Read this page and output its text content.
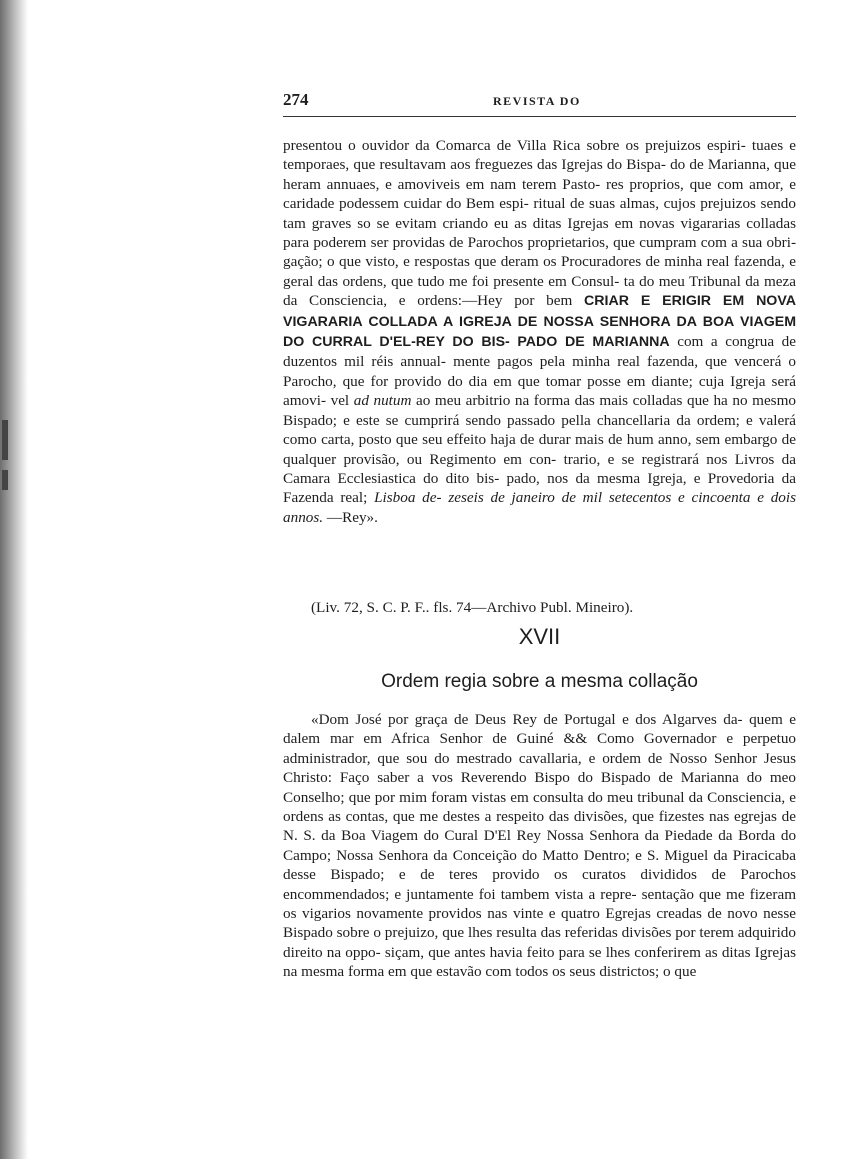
274	REVISTA DO

presentou o ouvidor da Comarca de Villa Rica sobre os prejuizos espiri- tuaes e temporaes, que resultavam aos freguezes das Igrejas do Bispa- do de Marianna, que heram annuaes, e amoviveis em nam terem Pasto- res proprios, que com amor, e caridade podessem cuidar do Bem espi- ritual de suas almas, cujos prejuizos sendo tam graves so se evitam criando eu as ditas Igrejas em novas vigararias colladas para poderem ser providas de Parochos proprietarios, que cumpram com a sua obri- gação; o que visto, e respostas que deram os Procuradores de minha real fazenda, e geral das ordens, que tudo me foi presente em Consul- ta do meu Tribunal da meza da Consciencia, e ordens:—Hey por bem CRIAR E ERIGIR EM NOVA VIGARARIA COLLADA A IGREJA DE NOSSA SENHORA DA BOA VIAGEM DO CURRAL D'EL-REY DO BIS- PADO DE MARIANNA com a congrua de duzentos mil réis annual- mente pagos pela minha real fazenda, que vencerá o Parocho, que for provido do dia em que tomar posse em diante; cuja Igreja será amovi- vel ad nutum ao meu arbitrio na forma das mais colladas que ha no mesmo Bispado; e este se cumprirá sendo passado pella chancellaria da ordem; e valerá como carta, posto que seu effeito haja de durar mais de hum anno, sem embargo de qualquer provisão, ou Regimento em con- trario, e se registrará nos Livros da Camara Ecclesiastica do dito bis- pado, nos da mesma Igreja, e Provedoria da Fazenda real; Lisboa de- zeseis de janeiro de mil setecentos e cincoenta e dois annos. —Rey».

(Liv. 72, S. C. P. F.. fls. 74—Archivo Publ. Mineiro).
XVII
Ordem regia sobre a mesma collação

«Dom José por graça de Deus Rey de Portugal e dos Algarves da- quem e dalem mar em Africa Senhor de Guiné && Como Governador e perpetuo administrador, que sou do mestrado cavallaria, e ordem de Nosso Senhor Jesus Christo: Faço saber a vos Reverendo Bispo do Bispado de Marianna do meo Conselho; que por mim foram vistas em consulta do meu tribunal da Consciencia, e ordens as contas, que me destes a respeito das divisões, que fizestes nas egrejas de N. S. da Boa Viagem do Cural D'El Rey Nossa Senhora da Piedade da Borda do Campo; Nossa Senhora da Conceição do Matto Dentro; e S. Miguel da Piracicaba desse Bispado; e de teres provido os curatos divididos de Parochos encommendados; e juntamente foi tambem vista a repre- sentação que me fizeram os vigarios novamente providos nas vinte e quatro Egrejas creadas de novo nesse Bispado sobre o prejuizo, que lhes resulta das referidas divisões por terem adquirido direito na oppo- siçam, que antes havia feito para se lhes conferirem as ditas Igrejas na mesma forma em que estavão com todos os seus districtos; o que
